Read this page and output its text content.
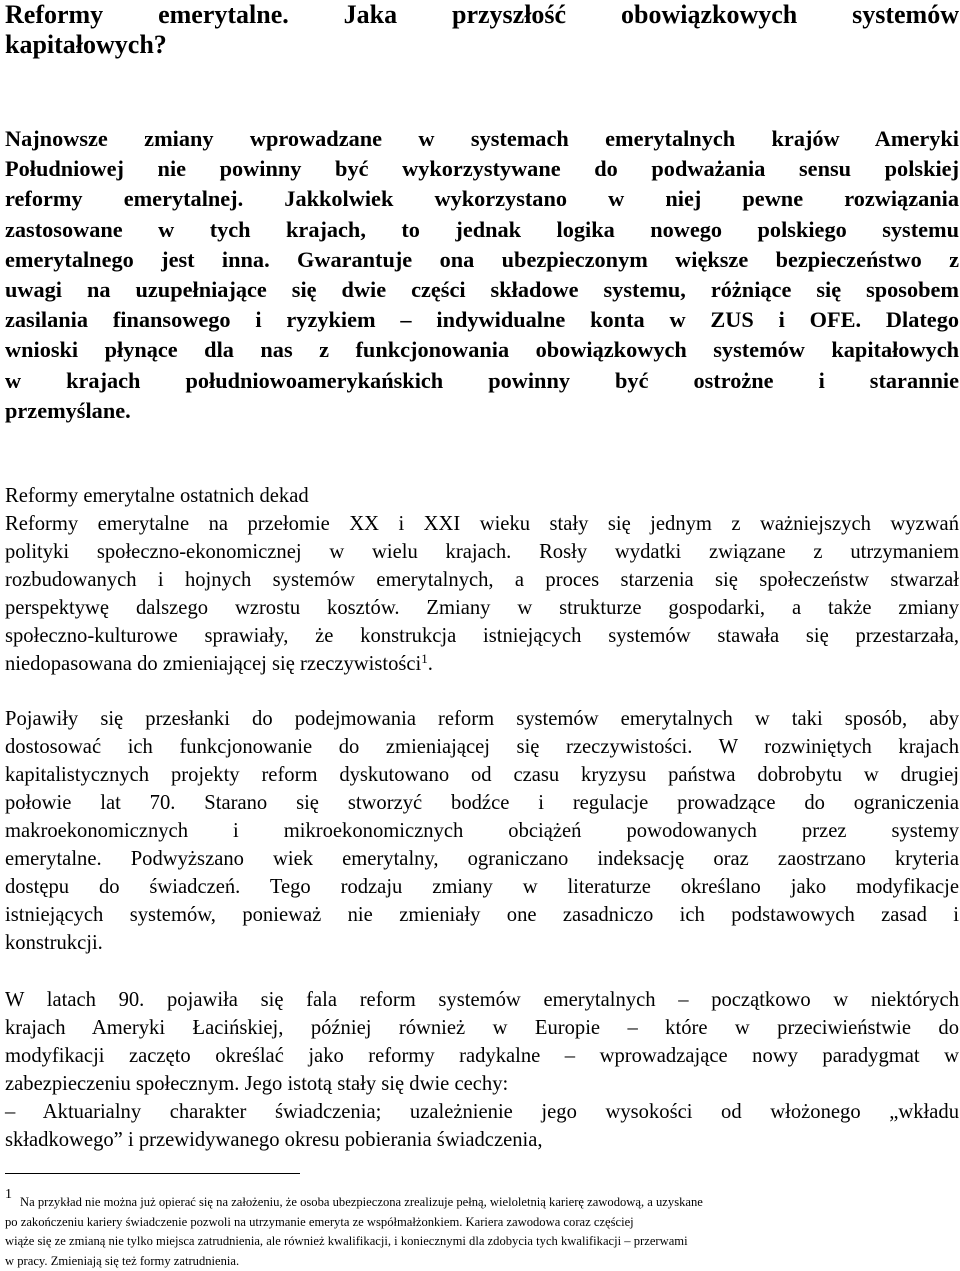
Reformy emerytalne. Jaka przyszłość obowiązkowych systemów
kapitałowych?
Najnowsze zmiany wprowadzane w systemach emerytalnych krajów Ameryki
Południowej nie powinny być wykorzystywane do podważania sensu polskiej
reformy emerytalnej. Jakkolwiek wykorzystano w niej pewne rozwiązania
zastosowane w tych krajach, to jednak logika nowego polskiego systemu
emerytalnego jest inna. Gwarantuje ona ubezpieczonym większe bezpieczeństwo z
uwagi na uzupełniające się dwie części składowe systemu, różniące się sposobem
zasilania finansowego i ryzykiem – indywidualne konta w ZUS i OFE. Dlatego
wnioski płynące dla nas z funkcjonowania obowiązkowych systemów kapitałowych
w krajach południowoamerykańskich powinny być ostrożne i starannie
przemyślane.
Reformy emerytalne ostatnich dekad
Reformy emerytalne na przełomie XX i XXI wieku stały się jednym z ważniejszych wyzwań
polityki społeczno-ekonomicznej w wielu krajach. Rosły wydatki związane z utrzymaniem
rozbudowanych i hojnych systemów emerytalnych, a proces starzenia się społeczeństw stwarzał
perspektywę dalszego wzrostu kosztów. Zmiany w strukturze gospodarki, a także zmiany
społeczno-kulturowe sprawiały, że konstrukcja istniejących systemów stawała się przestarzała,
niedopasowana do zmieniającej się rzeczywistości$^1$.
Pojawiły się przesłanki do podejmowania reform systemów emerytalnych w taki sposób, aby
dostosować ich funkcjonowanie do zmieniającej się rzeczywistości. W rozwiniętych krajach
kapitalistycznych projekty reform dyskutowano od czasu kryzysu państwa dobrobytu w drugiej
połowie lat 70. Starano się stworzyć bodźce i regulacje prowadzące do ograniczenia
makroekonomicznych i mikroekonomicznych obciążeń powodowanych przez systemy
emerytalne. Podwyższano wiek emerytalny, ograniczano indeksację oraz zaostrzano kryteria
dostępu do świadczeń. Tego rodzaju zmiany w literaturze określano jako modyfikacje
istniejących systemów, ponieważ nie zmieniały one zasadniczo ich podstawowych zasad i
konstrukcji.
W latach 90. pojawiła się fala reform systemów emerytalnych – początkowo w niektórych
krajach Ameryki Łacińskiej, później również w Europie – które w przeciwieństwie do
modyfikacji zaczęto określać jako reformy radykalne – wprowadzające nowy paradygmat w
zabezpieczeniu społecznym. Jego istotą stały się dwie cechy:
– Aktuarialny charakter świadczenia; uzależnienie jego wysokości od włożonego „wkładu
składkowego” i przewidywanego okresu pobierania świadczenia,
1 Na przykład nie można już opierać się na założeniu, że osoba ubezpieczona zrealizuje pełną, wieloletnią karierę zawodową, a uzyskane
po zakończeniu kariery świadczenie pozwoli na utrzymanie emeryta ze współmałżonkiem. Kariera zawodowa coraz częściej
wiąże się ze zmianą nie tylko miejsca zatrudnienia, ale również kwalifikacji, i koniecznymi dla zdobycia tych kwalifikacji – przerwami
w pracy. Zmieniają się też formy zatrudnienia.
